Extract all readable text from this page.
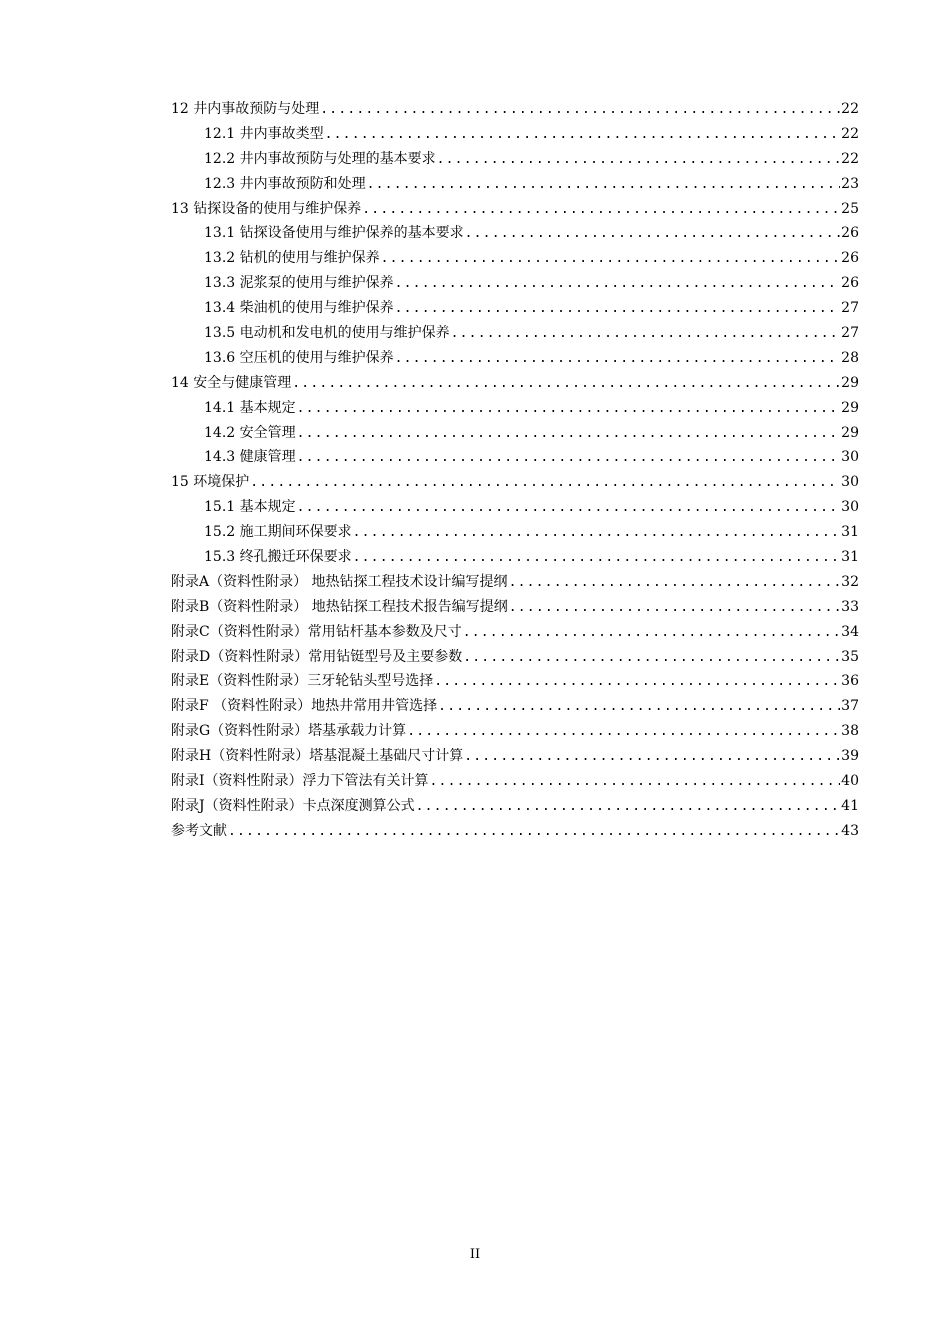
12 井内事故预防与处理 .....	22
12.1 井内事故类型 .....	22
12.2 井内事故预防与处理的基本要求 .....	22
12.3 井内事故预防和处理 .....	23
13 钻探设备的使用与维护保养 .....	25
13.1 钻探设备使用与维护保养的基本要求 .....	26
13.2 钻机的使用与维护保养 .....	26
13.3 泥浆泵的使用与维护保养 .....	26
13.4 柴油机的使用与维护保养 .....	27
13.5 电动机和发电机的使用与维护保养 .....	27
13.6 空压机的使用与维护保养 .....	28
14 安全与健康管理 .....	29
14.1 基本规定 .....	29
14.2 安全管理 .....	29
14.3 健康管理 .....	30
15 环境保护 .....	30
15.1 基本规定 .....	30
15.2 施工期间环保要求 .....	31
15.3 终孔搬迁环保要求 .....	31
附录A（资料性附录） 地热钻探工程技术设计编写提纲 .....	32
附录B（资料性附录） 地热钻探工程技术报告编写提纲 .....	33
附录C（资料性附录）常用钻杆基本参数及尺寸 .....	34
附录D（资料性附录）常用钻铤型号及主要参数 .....	35
附录E（资料性附录）三牙轮钻头型号选择 .....	36
附录F （资料性附录）地热井常用井管选择 .....	37
附录G（资料性附录）塔基承载力计算 .....	38
附录H（资料性附录）塔基混凝土基础尺寸计算 .....	39
附录I（资料性附录）浮力下管法有关计算 .....	40
附录J（资料性附录）卡点深度测算公式 .....	41
参考文献 .....	43
II
